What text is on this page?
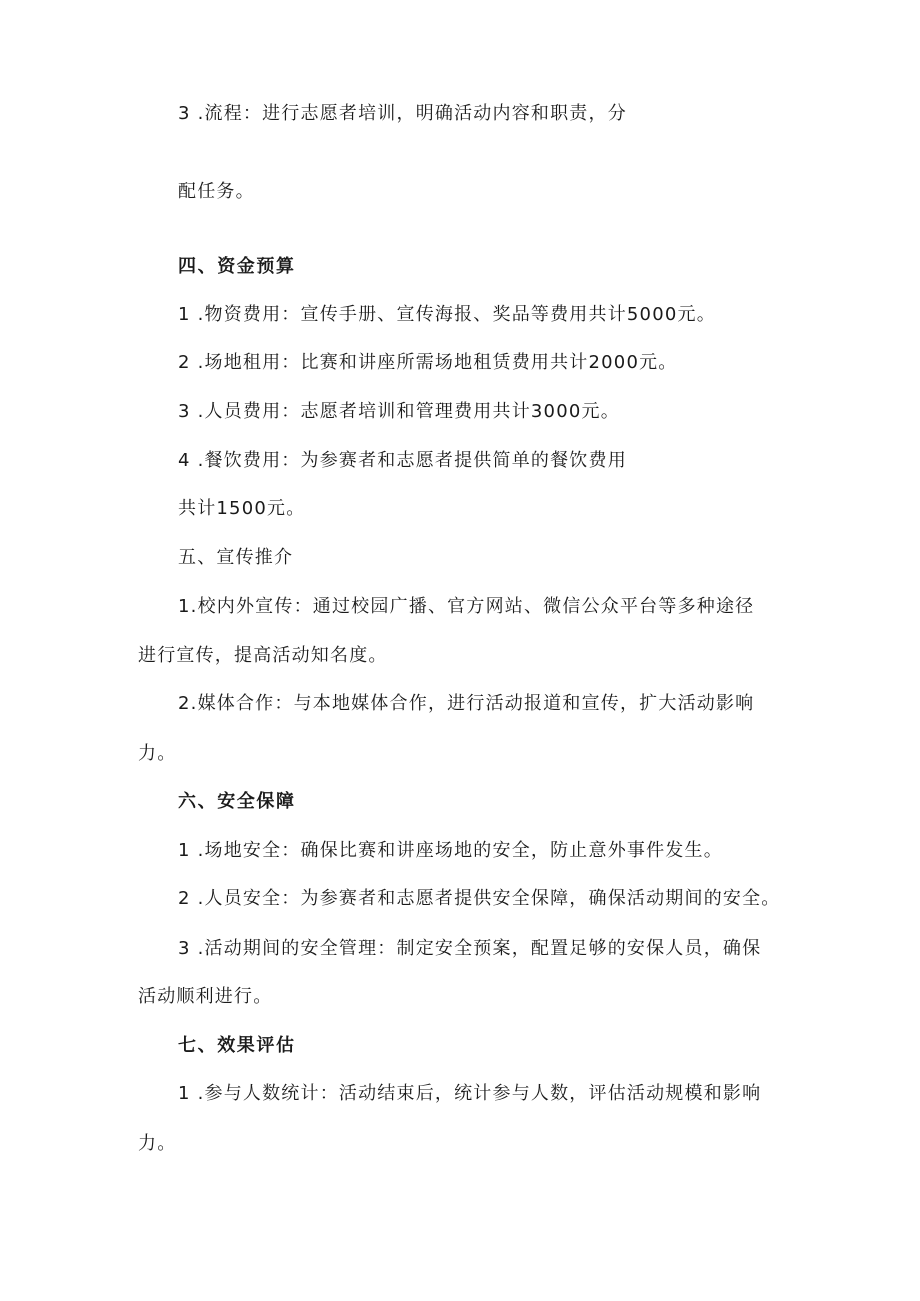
3 .流程：进行志愿者培训，明确活动内容和职责，分
配任务。
四、资金预算
1 .物资费用：宣传手册、宣传海报、奖品等费用共计5000元。
2 .场地租用：比赛和讲座所需场地租赁费用共计2000元。
3 .人员费用：志愿者培训和管理费用共计3000元。
4 .餐饮费用：为参赛者和志愿者提供简单的餐饮费用
共计1500元。
五、宣传推介
1.校内外宣传：通过校园广播、官方网站、微信公众平台等多种途径
进行宣传，提高活动知名度。
2.媒体合作：与本地媒体合作，进行活动报道和宣传，扩大活动影响
力。
六、安全保障
1 .场地安全：确保比赛和讲座场地的安全，防止意外事件发生。
2 .人员安全：为参赛者和志愿者提供安全保障，确保活动期间的安全。
3 .活动期间的安全管理：制定安全预案，配置足够的安保人员，确保
活动顺利进行。
七、效果评估
1 .参与人数统计：活动结束后，统计参与人数，评估活动规模和影响
力。
